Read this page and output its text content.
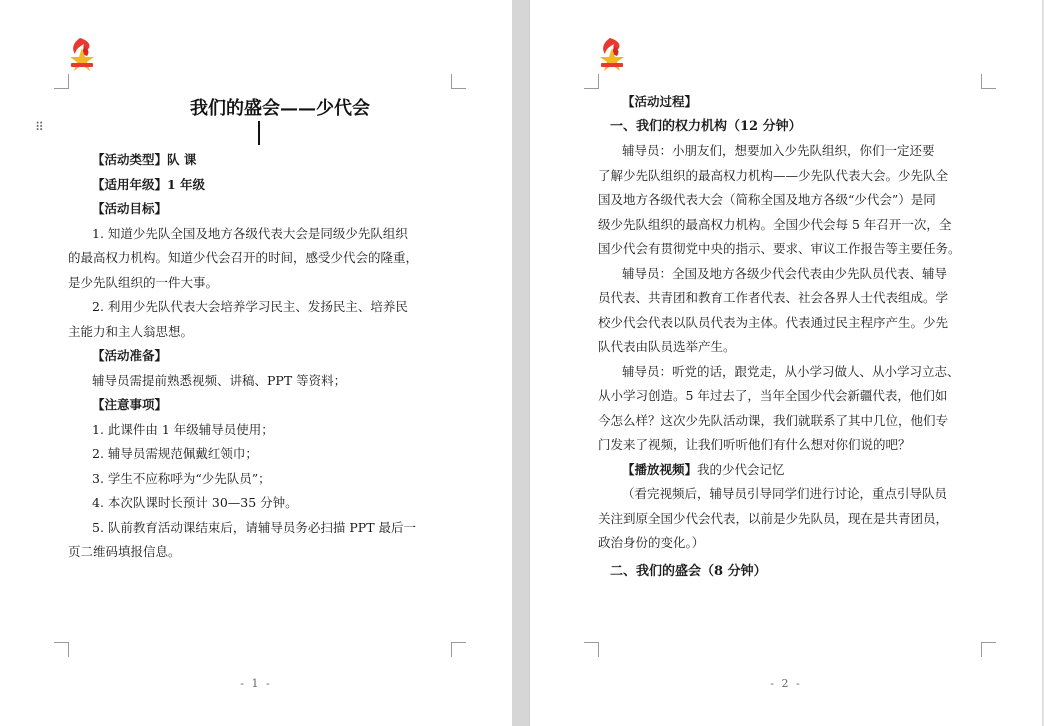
⠿
我们的盛会——少代会
【活动类型】队 课
【适用年级】1 年级
【活动目标】
1. 知道少先队全国及地方各级代表大会是同级少先队组织
的最高权力机构。知道少代会召开的时间，感受少代会的隆重，
是少先队组织的一件大事。
2. 利用少先队代表大会培养学习民主、发扬民主、培养民
主能力和主人翁思想。
【活动准备】
辅导员需提前熟悉视频、讲稿、PPT 等资料；
【注意事项】
1. 此课件由 1 年级辅导员使用；
2. 辅导员需规范佩戴红领巾；
3. 学生不应称呼为“少先队员”；
4. 本次队课时长预计 30—35 分钟。
5. 队前教育活动课结束后，请辅导员务必扫描 PPT 最后一
页二维码填报信息。
- 1 -
【活动过程】
一、我们的权力机构（12 分钟）
辅导员：小朋友们，想要加入少先队组织，你们一定还要
了解少先队组织的最高权力机构——少先队代表大会。少先队全
国及地方各级代表大会（简称全国及地方各级“少代会”）是同
级少先队组织的最高权力机构。全国少代会每 5 年召开一次，全
国少代会有贯彻党中央的指示、要求、审议工作报告等主要任务。
辅导员：全国及地方各级少代会代表由少先队员代表、辅导
员代表、共青团和教育工作者代表、社会各界人士代表组成。学
校少代会代表以队员代表为主体。代表通过民主程序产生。少先
队代表由队员选举产生。
辅导员：听党的话，跟党走，从小学习做人、从小学习立志、
从小学习创造。5 年过去了，当年全国少代会新疆代表，他们如
今怎么样？这次少先队活动课，我们就联系了其中几位，他们专
门发来了视频，让我们听听他们有什么想对你们说的吧？
【播放视频】我的少代会记忆
（看完视频后，辅导员引导同学们进行讨论，重点引导队员
关注到原全国少代会代表，以前是少先队员，现在是共青团员，
政治身份的变化。）
二、我们的盛会（8 分钟）
- 2 -
